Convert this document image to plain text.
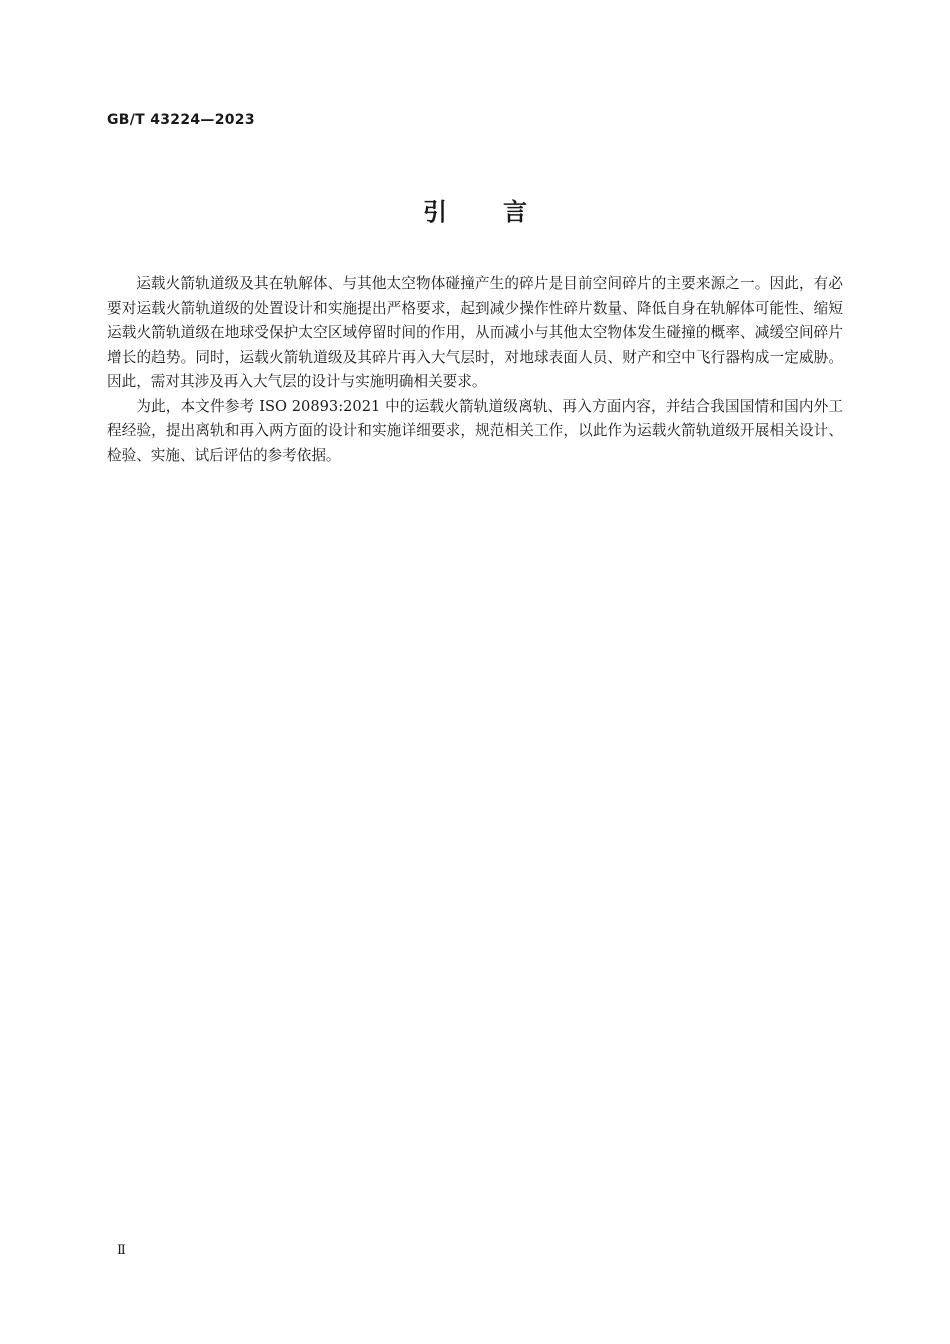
GB/T 43224—2023
引言

运载火箭轨道级及其在轨解体、与其他太空物体碰撞产生的碎片是目前空间碎片的主要来源之一。因此，有必要对运载火箭轨道级的处置设计和实施提出严格要求，起到减少操作性碎片数量、降低自身在轨解体可能性、缩短运载火箭轨道级在地球受保护太空区域停留时间的作用，从而减小与其他太空物体发生碰撞的概率、减缓空间碎片增长的趋势。同时，运载火箭轨道级及其碎片再入大气层时，对地球表面人员、财产和空中飞行器构成一定威胁。因此，需对其涉及再入大气层的设计与实施明确相关要求。

为此，本文件参考 ISO 20893:2021 中的运载火箭轨道级离轨、再入方面内容，并结合我国国情和国内外工程经验，提出离轨和再入两方面的设计和实施详细要求，规范相关工作，以此作为运载火箭轨道级开展相关设计、检验、实施、试后评估的参考依据。

Ⅱ
